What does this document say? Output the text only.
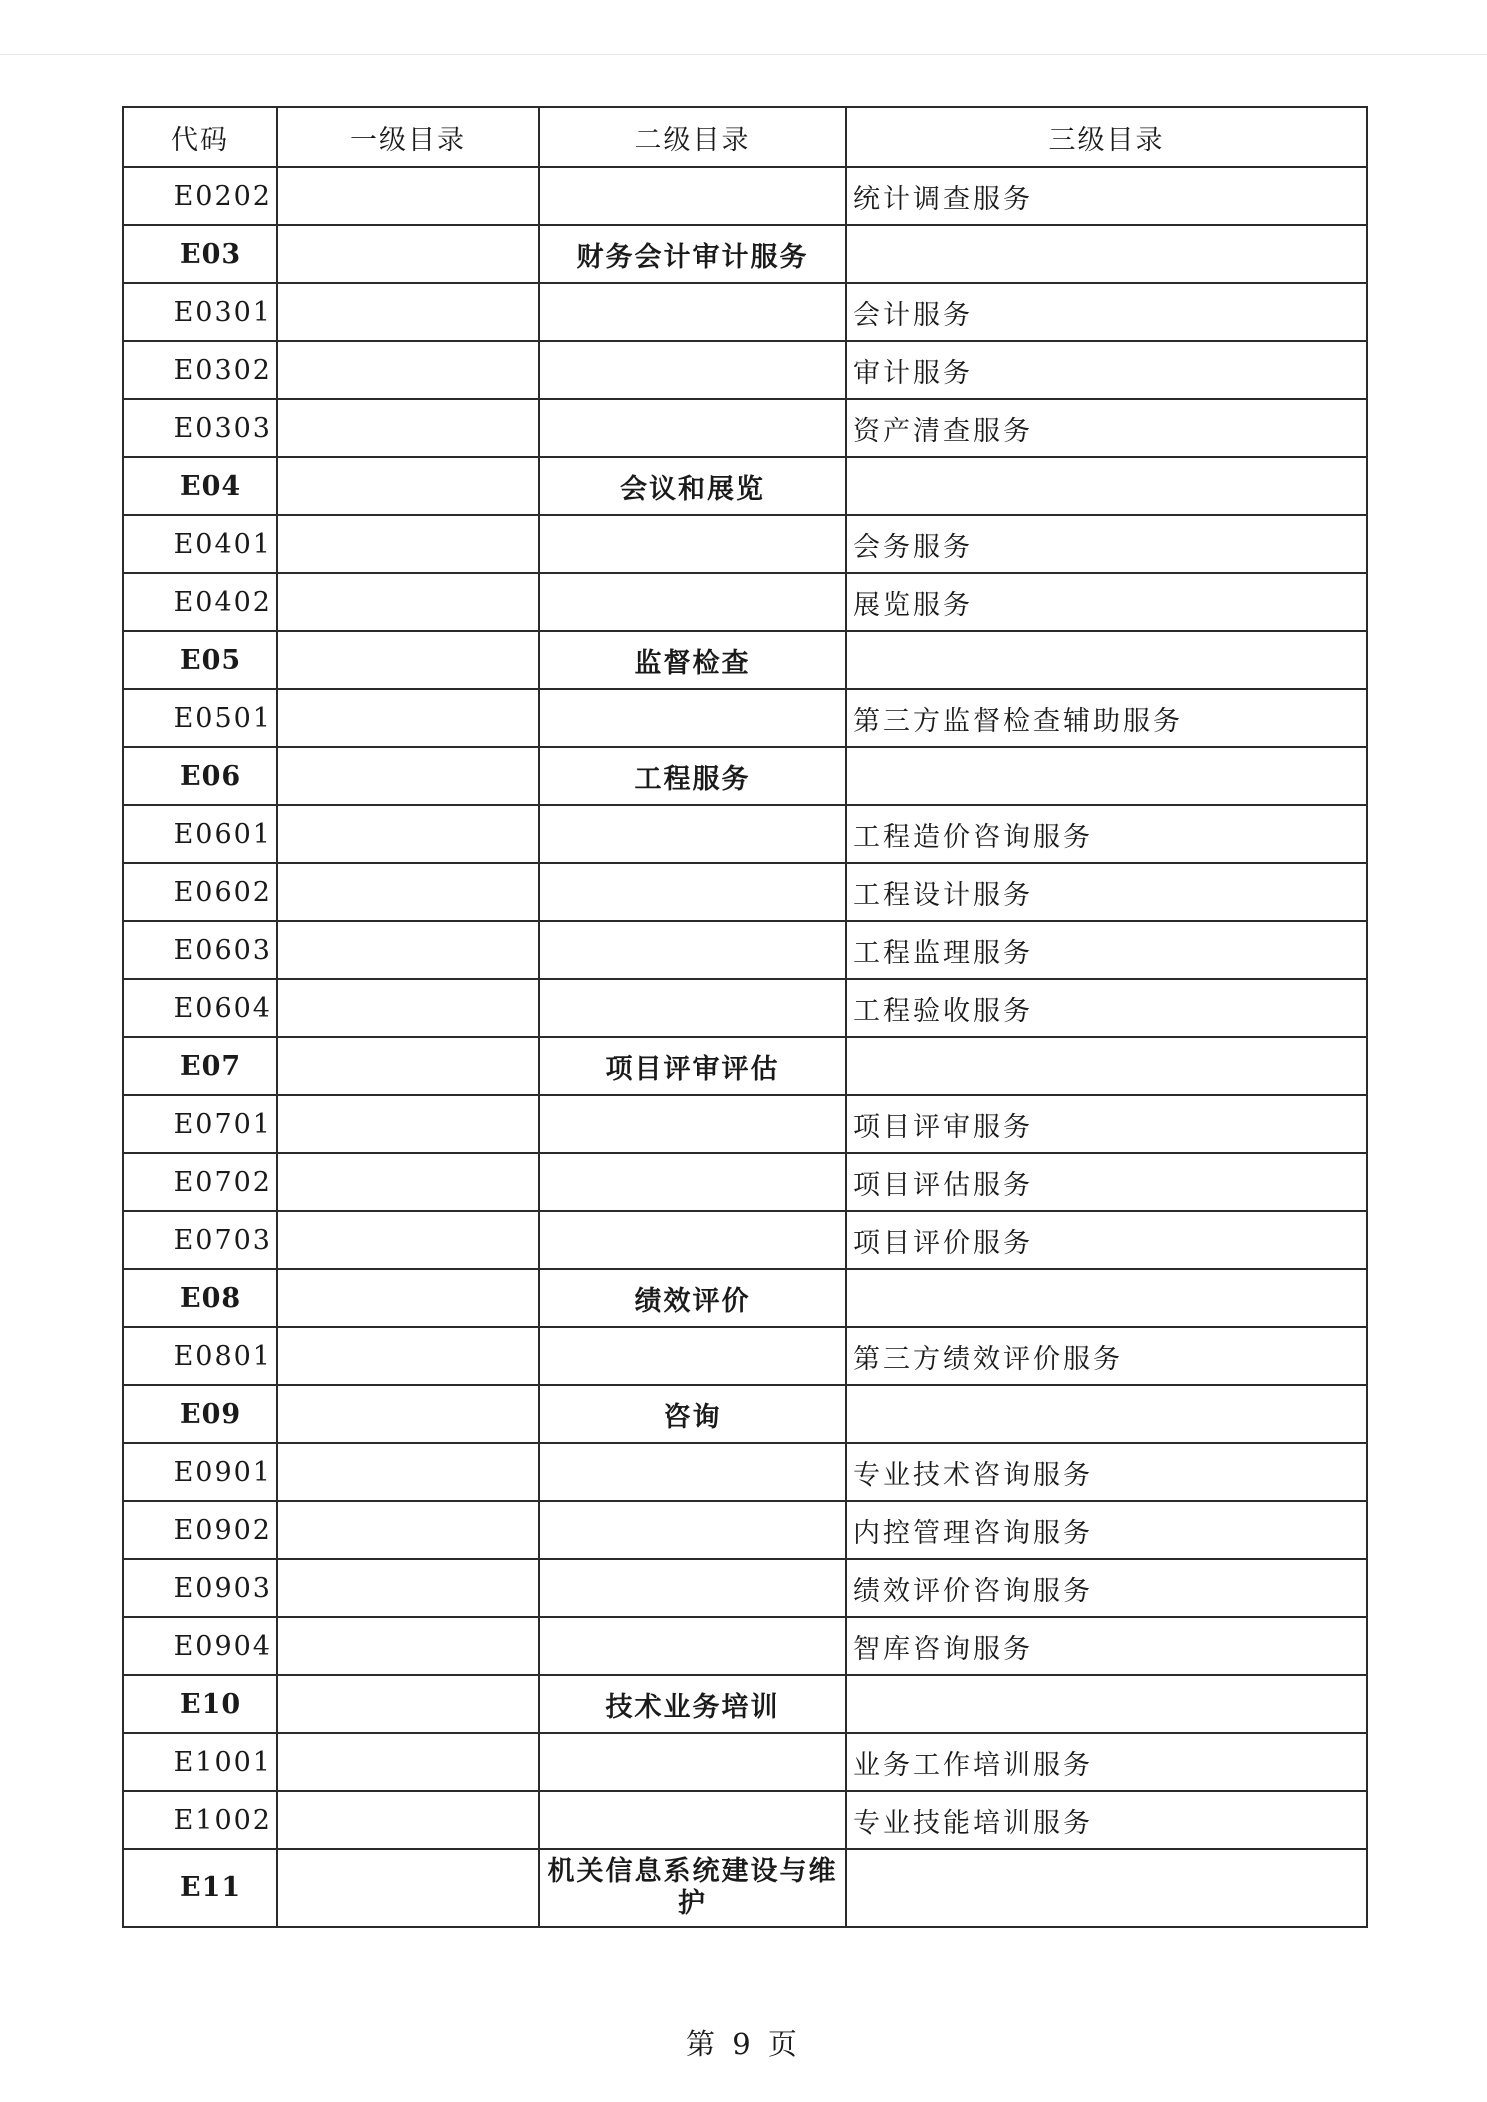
代码	一级目录	二级目录	三级目录
E0202			统计调查服务
E03		财务会计审计服务	
E0301			会计服务
E0302			审计服务
E0303			资产清查服务
E04		会议和展览	
E0401			会务服务
E0402			展览服务
E05		监督检查	
E0501			第三方监督检查辅助服务
E06		工程服务	
E0601			工程造价咨询服务
E0602			工程设计服务
E0603			工程监理服务
E0604			工程验收服务
E07		项目评审评估	
E0701			项目评审服务
E0702			项目评估服务
E0703			项目评价服务
E08		绩效评价	
E0801			第三方绩效评价服务
E09		咨询	
E0901			专业技术咨询服务
E0902			内控管理咨询服务
E0903			绩效评价咨询服务
E0904			智库咨询服务
E10		技术业务培训	
E1001			业务工作培训服务
E1002			专业技能培训服务
E11		机关信息系统建设与维护	
第 9 页
